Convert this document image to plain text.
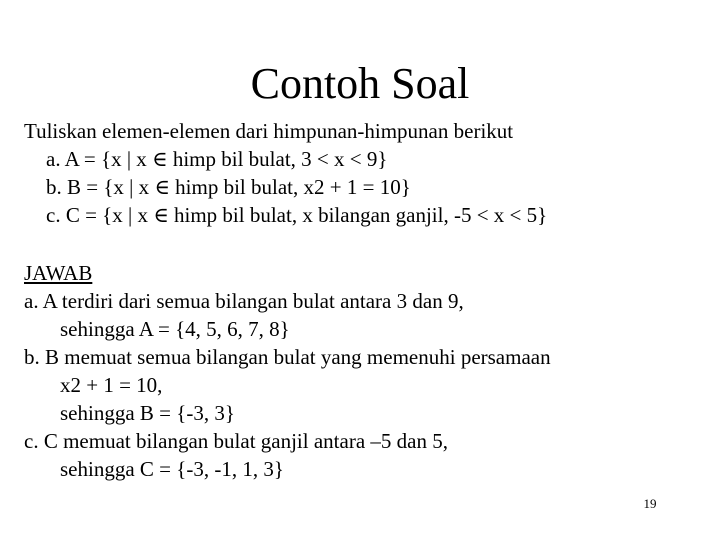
Contoh Soal
Tuliskan elemen-elemen dari himpunan-himpunan berikut
a. A = {x | x ∈ himp bil bulat, 3 < x < 9}
b. B = {x | x ∈ himp bil bulat, x2 + 1 = 10}
c. C = {x | x ∈ himp bil bulat, x bilangan ganjil, -5 < x < 5}
JAWAB
a. A terdiri dari semua bilangan bulat antara 3 dan 9,
sehingga A = {4, 5, 6, 7, 8}
b. B memuat semua bilangan bulat yang memenuhi persamaan
x2 + 1 = 10,
sehingga B = {-3, 3}
c. C memuat bilangan bulat ganjil antara –5 dan 5,
sehingga C = {-3, -1, 1, 3}
19
